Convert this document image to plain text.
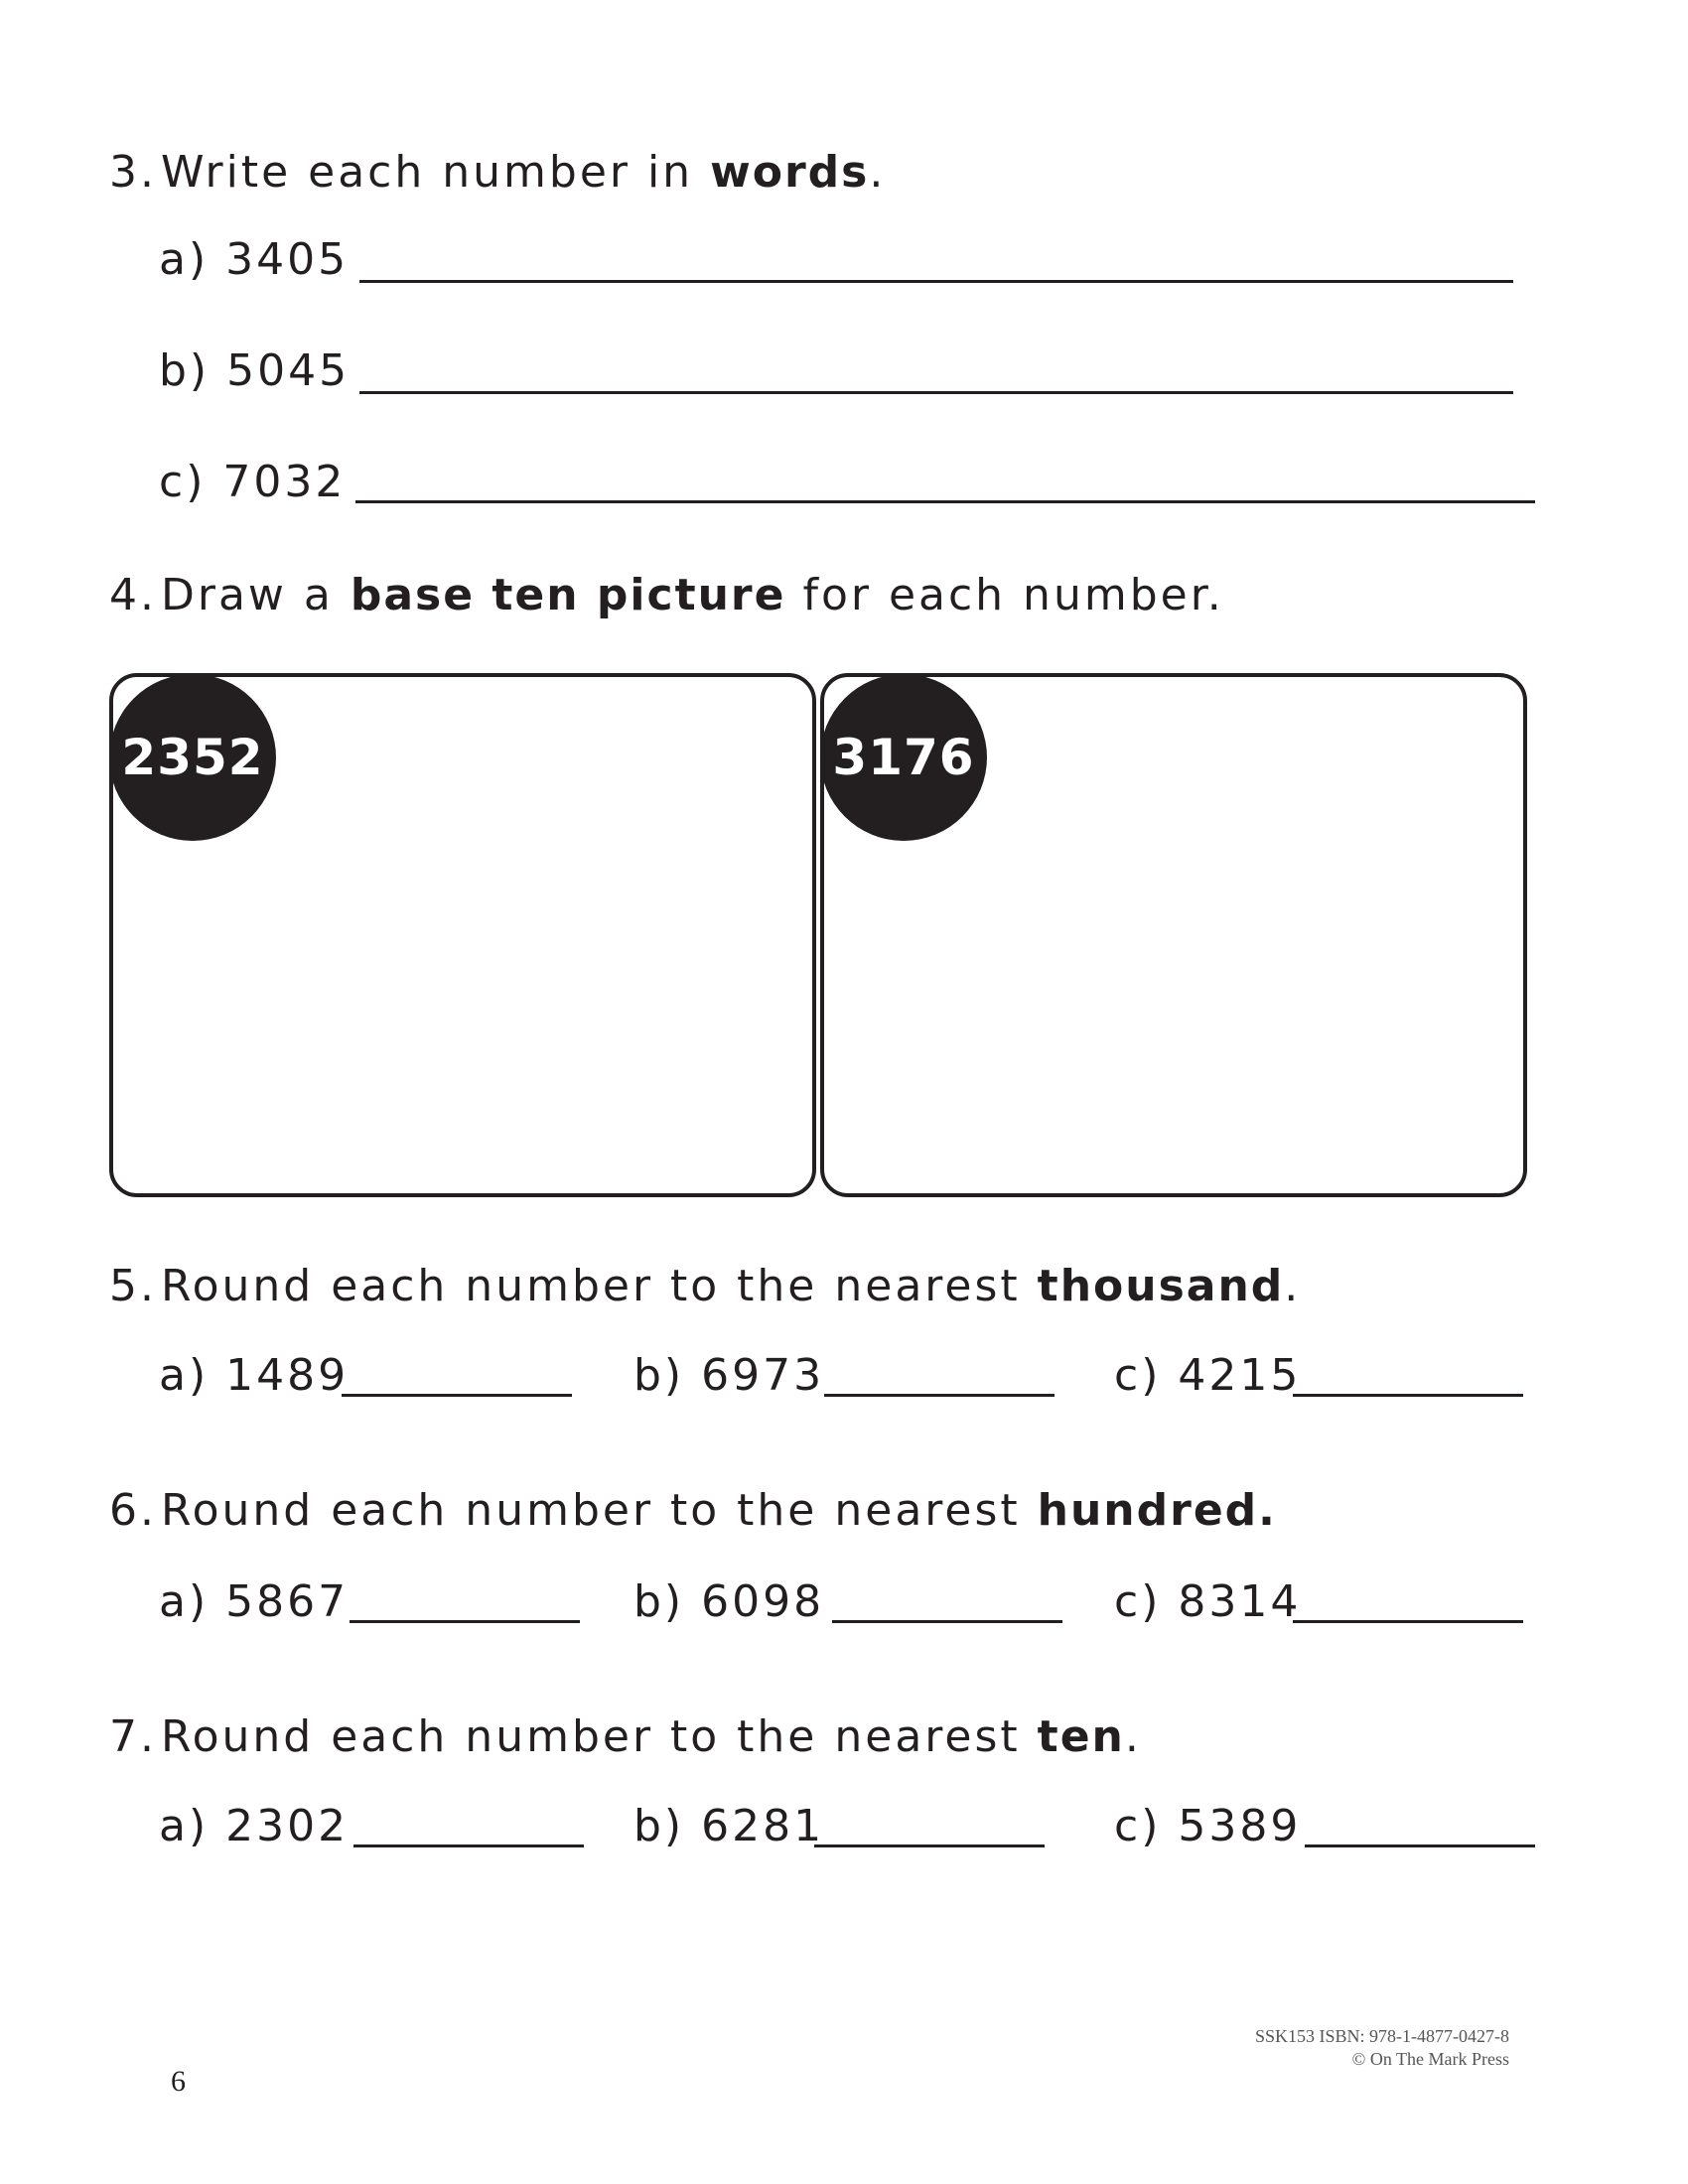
3.Write each number in words.
a) 3405
b) 5045
c) 7032
4.Draw a base ten picture for each number.
2352	3176
5.Round each number to the nearest thousand.
a) 1489	b) 6973	c) 4215
6.Round each number to the nearest hundred.
a) 5867	b) 6098	c) 8314
7.Round each number to the nearest ten.
a) 2302	b) 6281	c) 5389
6
SSK153 ISBN: 978-1-4877-0427-8
© On The Mark Press
